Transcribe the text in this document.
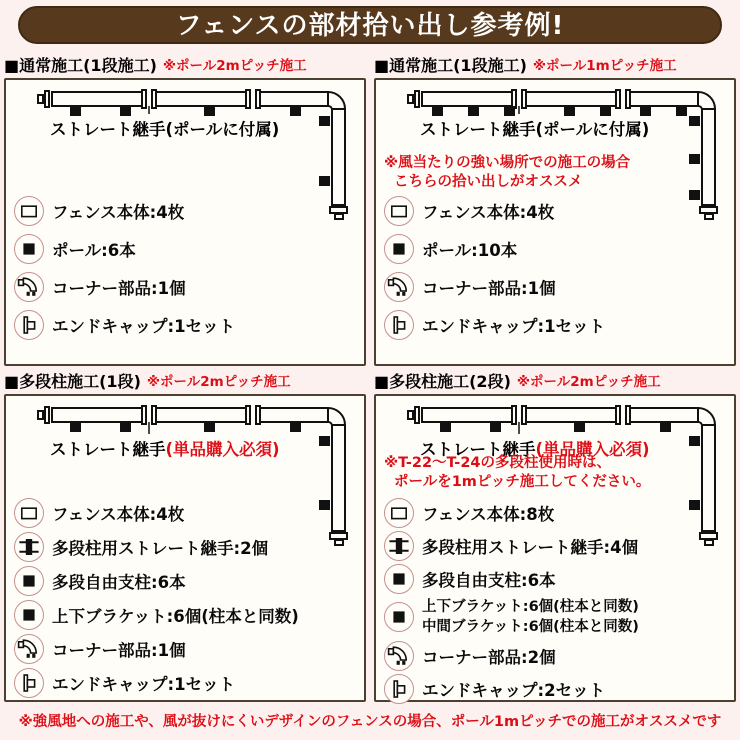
フェンスの部材拾い出し参考例!
■通常施工(1段施工) ※ポール2mピッチ施工
ストレート継手(ポールに付属)
フェンス本体:4枚
ポール:6本
コーナー部品:1個
エンドキャップ:1セット
■通常施工(1段施工) ※ポール1mピッチ施工
ストレート継手(ポールに付属)
※風当たりの強い場所での施工の場合
こちらの拾い出しがオススメ
フェンス本体:4枚
ポール:10本
コーナー部品:1個
エンドキャップ:1セット
■多段柱施工(1段) ※ポール2mピッチ施工
ストレート継手(単品購入必須)
フェンス本体:4枚
多段柱用ストレート継手:2個
多段自由支柱:6本
上下ブラケット:6個(柱本と同数)
コーナー部品:1個
エンドキャップ:1セット
■多段柱施工(2段) ※ポール2mピッチ施工
ストレート継手(単品購入必須)
※T-22〜T-24の多段柱使用時は、
ポールを1mピッチ施工してください。
フェンス本体:8枚
多段柱用ストレート継手:4個
多段自由支柱:6本
上下ブラケット:6個(柱本と同数)
中間ブラケット:6個(柱本と同数)
コーナー部品:2個
エンドキャップ:2セット
※強風地への施工や、風が抜けにくいデザインのフェンスの場合、ポール1mピッチでの施工がオススメです
